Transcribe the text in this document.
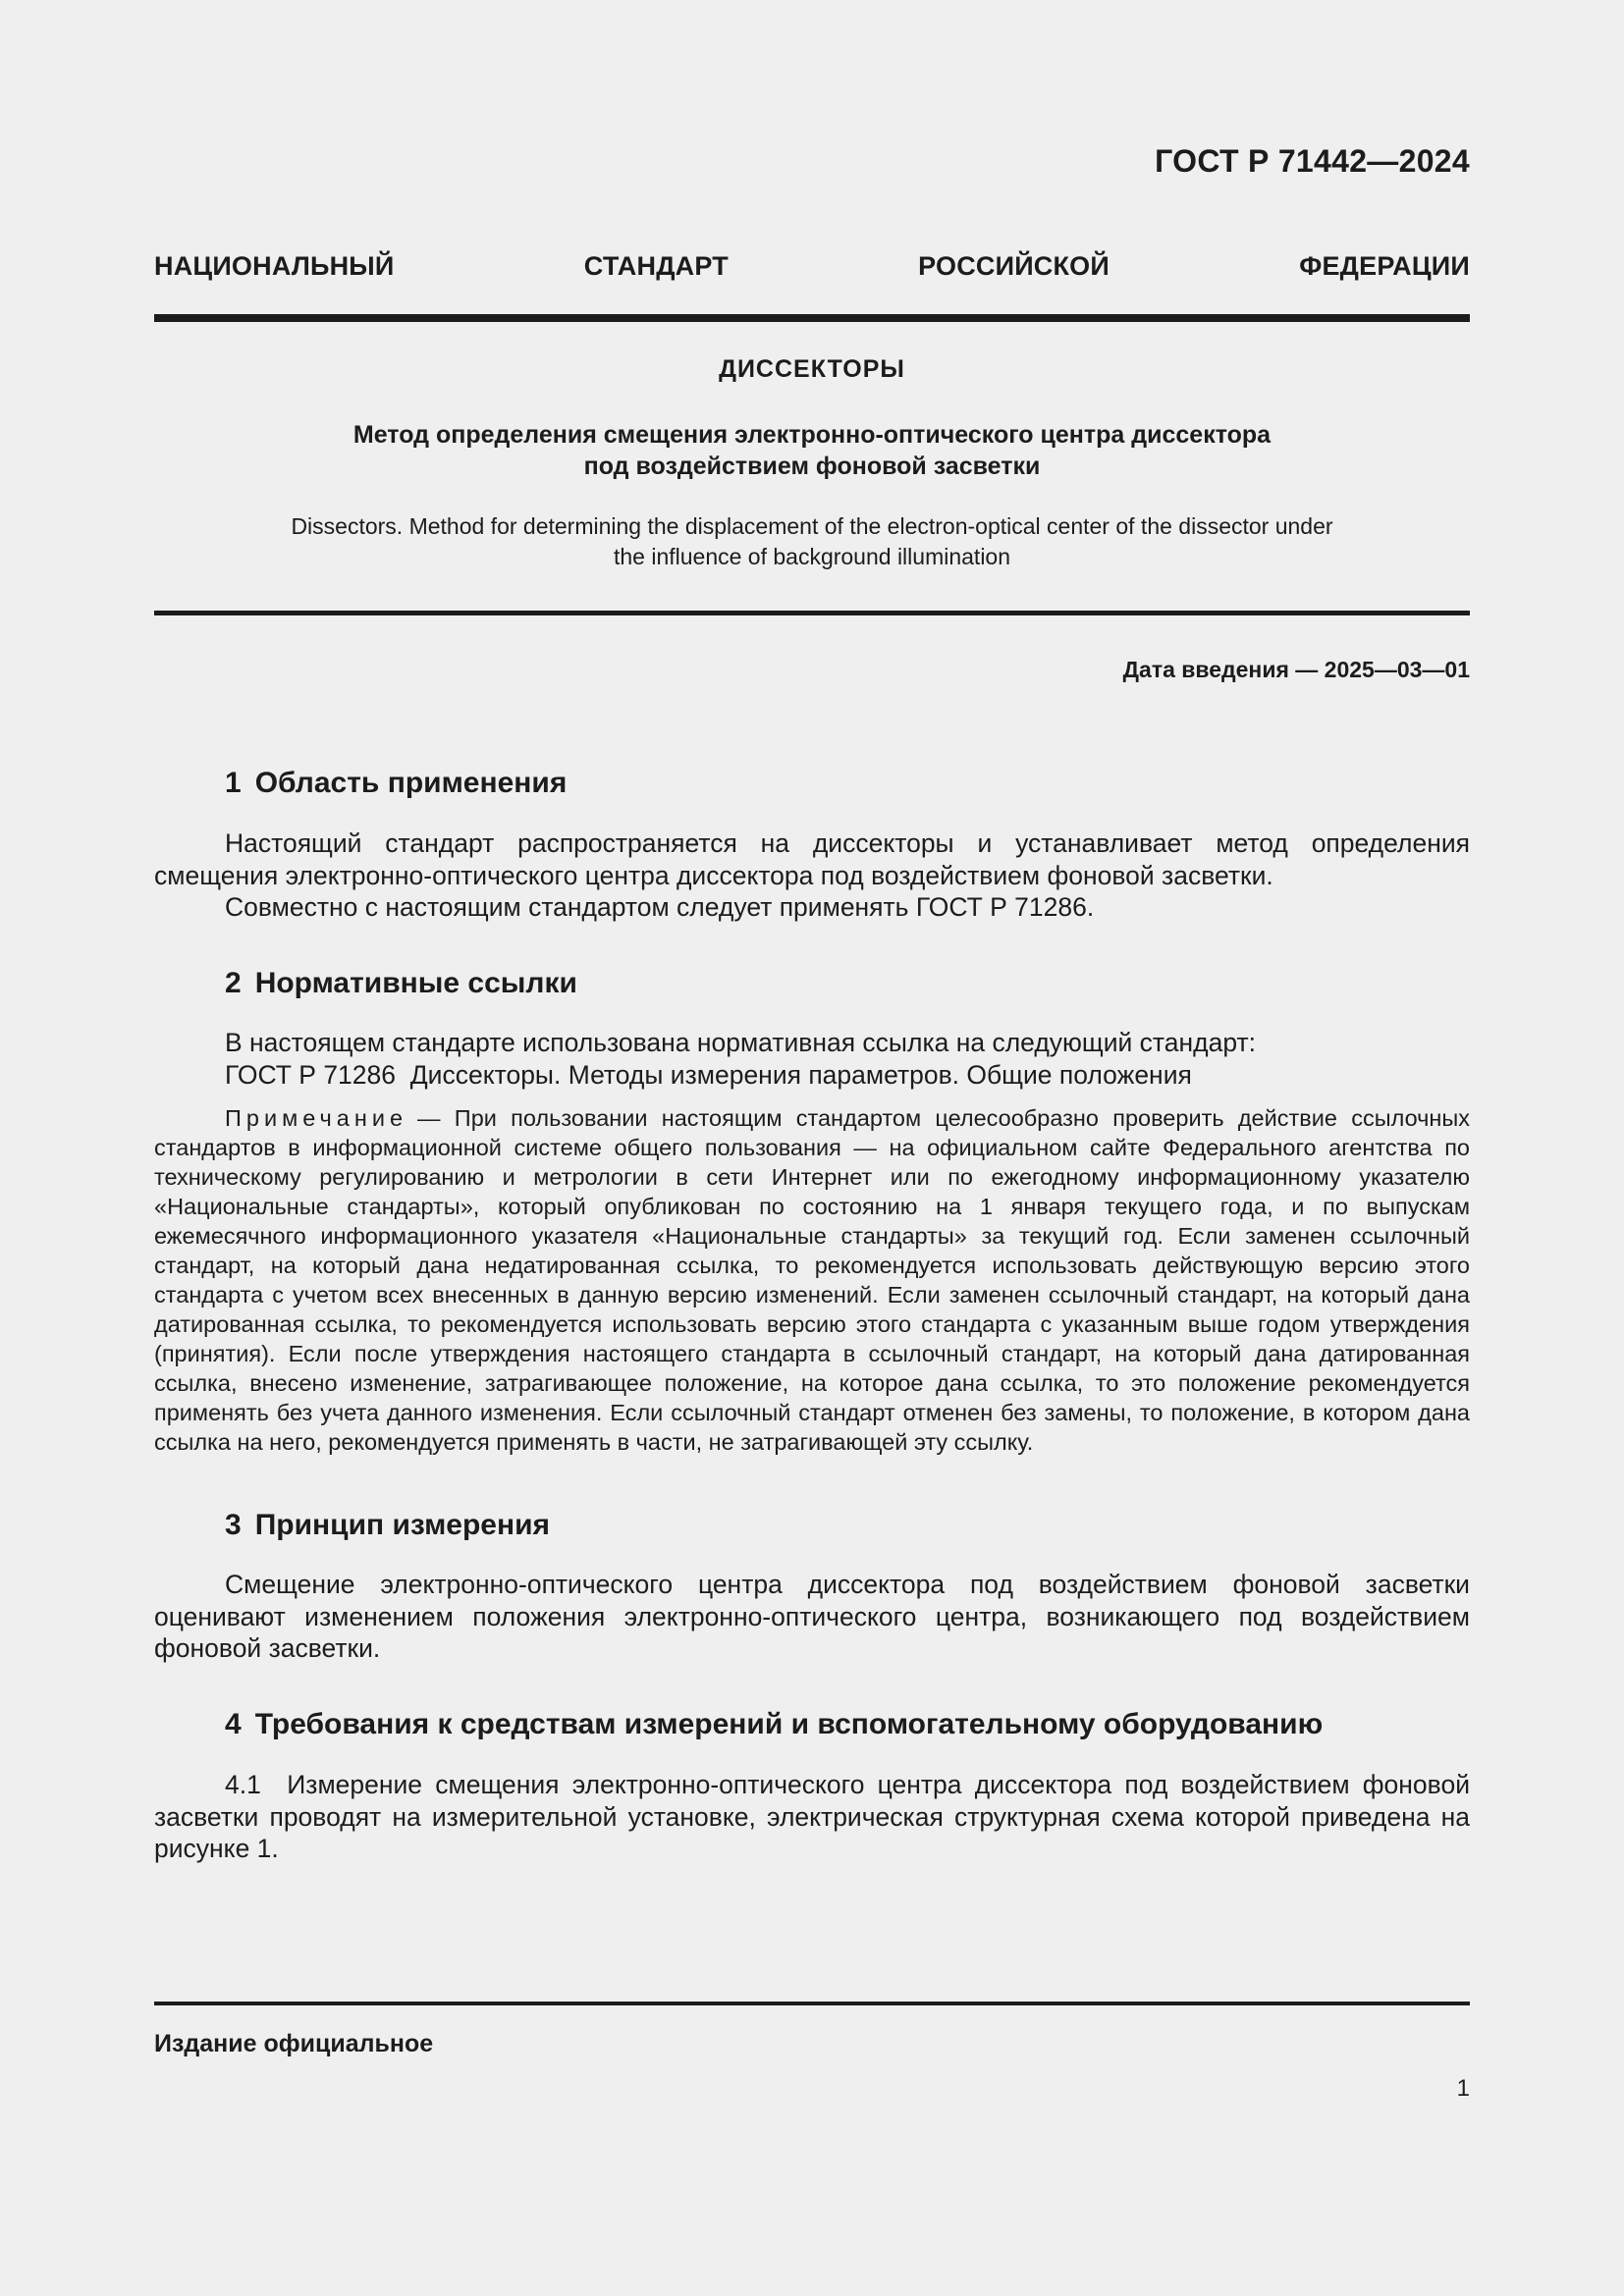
ГОСТ Р 71442—2024
НАЦИОНАЛЬНЫЙ СТАНДАРТ РОССИЙСКОЙ ФЕДЕРАЦИИ
ДИССЕКТОРЫ
Метод определения смещения электронно-оптического центра диссектора
под воздействием фоновой засветки
Dissectors. Method for determining the displacement of the electron-optical center of the dissector under
the influence of background illumination
Дата введения — 2025—03—01
1 Область применения
Настоящий стандарт распространяется на диссекторы и устанавливает метод определения смещения электронно-оптического центра диссектора под воздействием фоновой засветки.
Совместно с настоящим стандартом следует применять ГОСТ Р 71286.
2 Нормативные ссылки
В настоящем стандарте использована нормативная ссылка на следующий стандарт:
ГОСТ Р 71286  Диссекторы. Методы измерения параметров. Общие положения
Примечание — При пользовании настоящим стандартом целесообразно проверить действие ссылочных стандартов в информационной системе общего пользования — на официальном сайте Федерального агентства по техническому регулированию и метрологии в сети Интернет или по ежегодному информационному указателю «Национальные стандарты», который опубликован по состоянию на 1 января текущего года, и по выпускам ежемесячного информационного указателя «Национальные стандарты» за текущий год. Если заменен ссылочный стандарт, на который дана недатированная ссылка, то рекомендуется использовать действующую версию этого стандарта с учетом всех внесенных в данную версию изменений. Если заменен ссылочный стандарт, на который дана датированная ссылка, то рекомендуется использовать версию этого стандарта с указанным выше годом утверждения (принятия). Если после утверждения настоящего стандарта в ссылочный стандарт, на который дана датированная ссылка, внесено изменение, затрагивающее положение, на которое дана ссылка, то это положение рекомендуется применять без учета данного изменения. Если ссылочный стандарт отменен без замены, то положение, в котором дана ссылка на него, рекомендуется применять в части, не затрагивающей эту ссылку.
3 Принцип измерения
Смещение электронно-оптического центра диссектора под воздействием фоновой засветки оценивают изменением положения электронно-оптического центра, возникающего под воздействием фоновой засветки.
4 Требования к средствам измерений и вспомогательному оборудованию
4.1  Измерение смещения электронно-оптического центра диссектора под воздействием фоновой засветки проводят на измерительной установке, электрическая структурная схема которой приведена на рисунке 1.
Издание официальное
1
